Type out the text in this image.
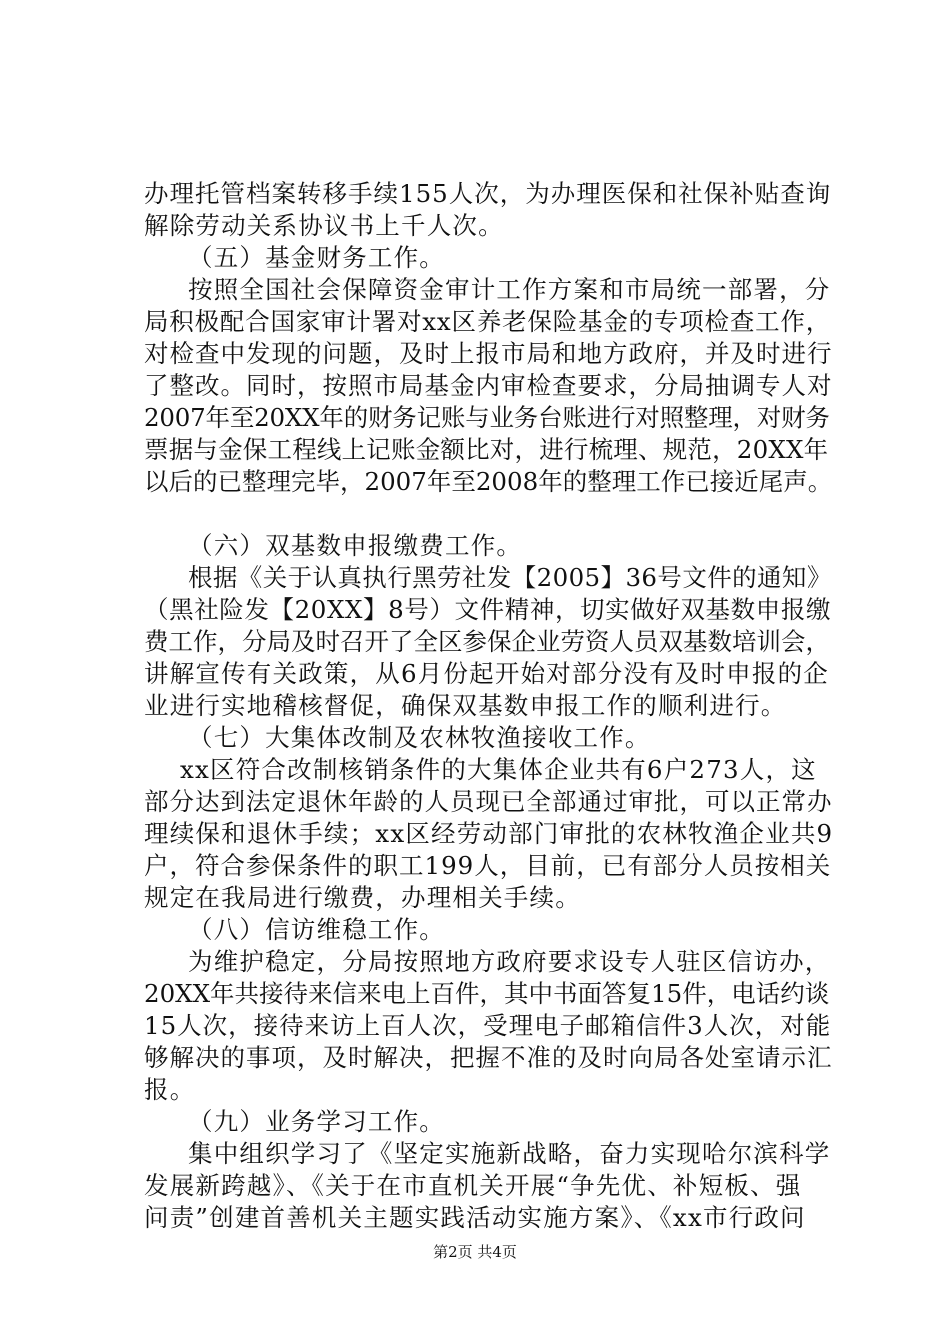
办理托管档案转移手续155人次，为办理医保和社保补贴查询
解除劳动关系协议书上千人次。
（五）基金财务工作。
按照全国社会保障资金审计工作方案和市局统一部署，分
局积极配合国家审计署对xx区养老保险基金的专项检查工作，
对检查中发现的问题，及时上报市局和地方政府，并及时进行
了整改。同时，按照市局基金内审检查要求，分局抽调专人对
2007年至20XX年的财务记账与业务台账进行对照整理，对财务
票据与金保工程线上记账金额比对，进行梳理、规范，20XX年
以后的已整理完毕，2007年至2008年的整理工作已接近尾声。
（六）双基数申报缴费工作。
根据《关于认真执行黑劳社发【2005】36号文件的通知》
（黑社险发【20XX】8号）文件精神，切实做好双基数申报缴
费工作，分局及时召开了全区参保企业劳资人员双基数培训会，
讲解宣传有关政策，从6月份起开始对部分没有及时申报的企
业进行实地稽核督促，确保双基数申报工作的顺利进行。
（七）大集体改制及农林牧渔接收工作。
xx区符合改制核销条件的大集体企业共有6户273人，这
部分达到法定退休年龄的人员现已全部通过审批，可以正常办
理续保和退休手续；xx区经劳动部门审批的农林牧渔企业共9
户，符合参保条件的职工199人，目前，已有部分人员按相关
规定在我局进行缴费，办理相关手续。
（八）信访维稳工作。
为维护稳定，分局按照地方政府要求设专人驻区信访办，
20XX年共接待来信来电上百件，其中书面答复15件，电话约谈
15人次，接待来访上百人次，受理电子邮箱信件3人次，对能
够解决的事项，及时解决，把握不准的及时向局各处室请示汇
报。
（九）业务学习工作。
集中组织学习了《坚定实施新战略，奋力实现哈尔滨科学
发展新跨越》、《关于在市直机关开展“争先优、补短板、强
问责”创建首善机关主题实践活动实施方案》、《xx市行政问
第2页 共4页
